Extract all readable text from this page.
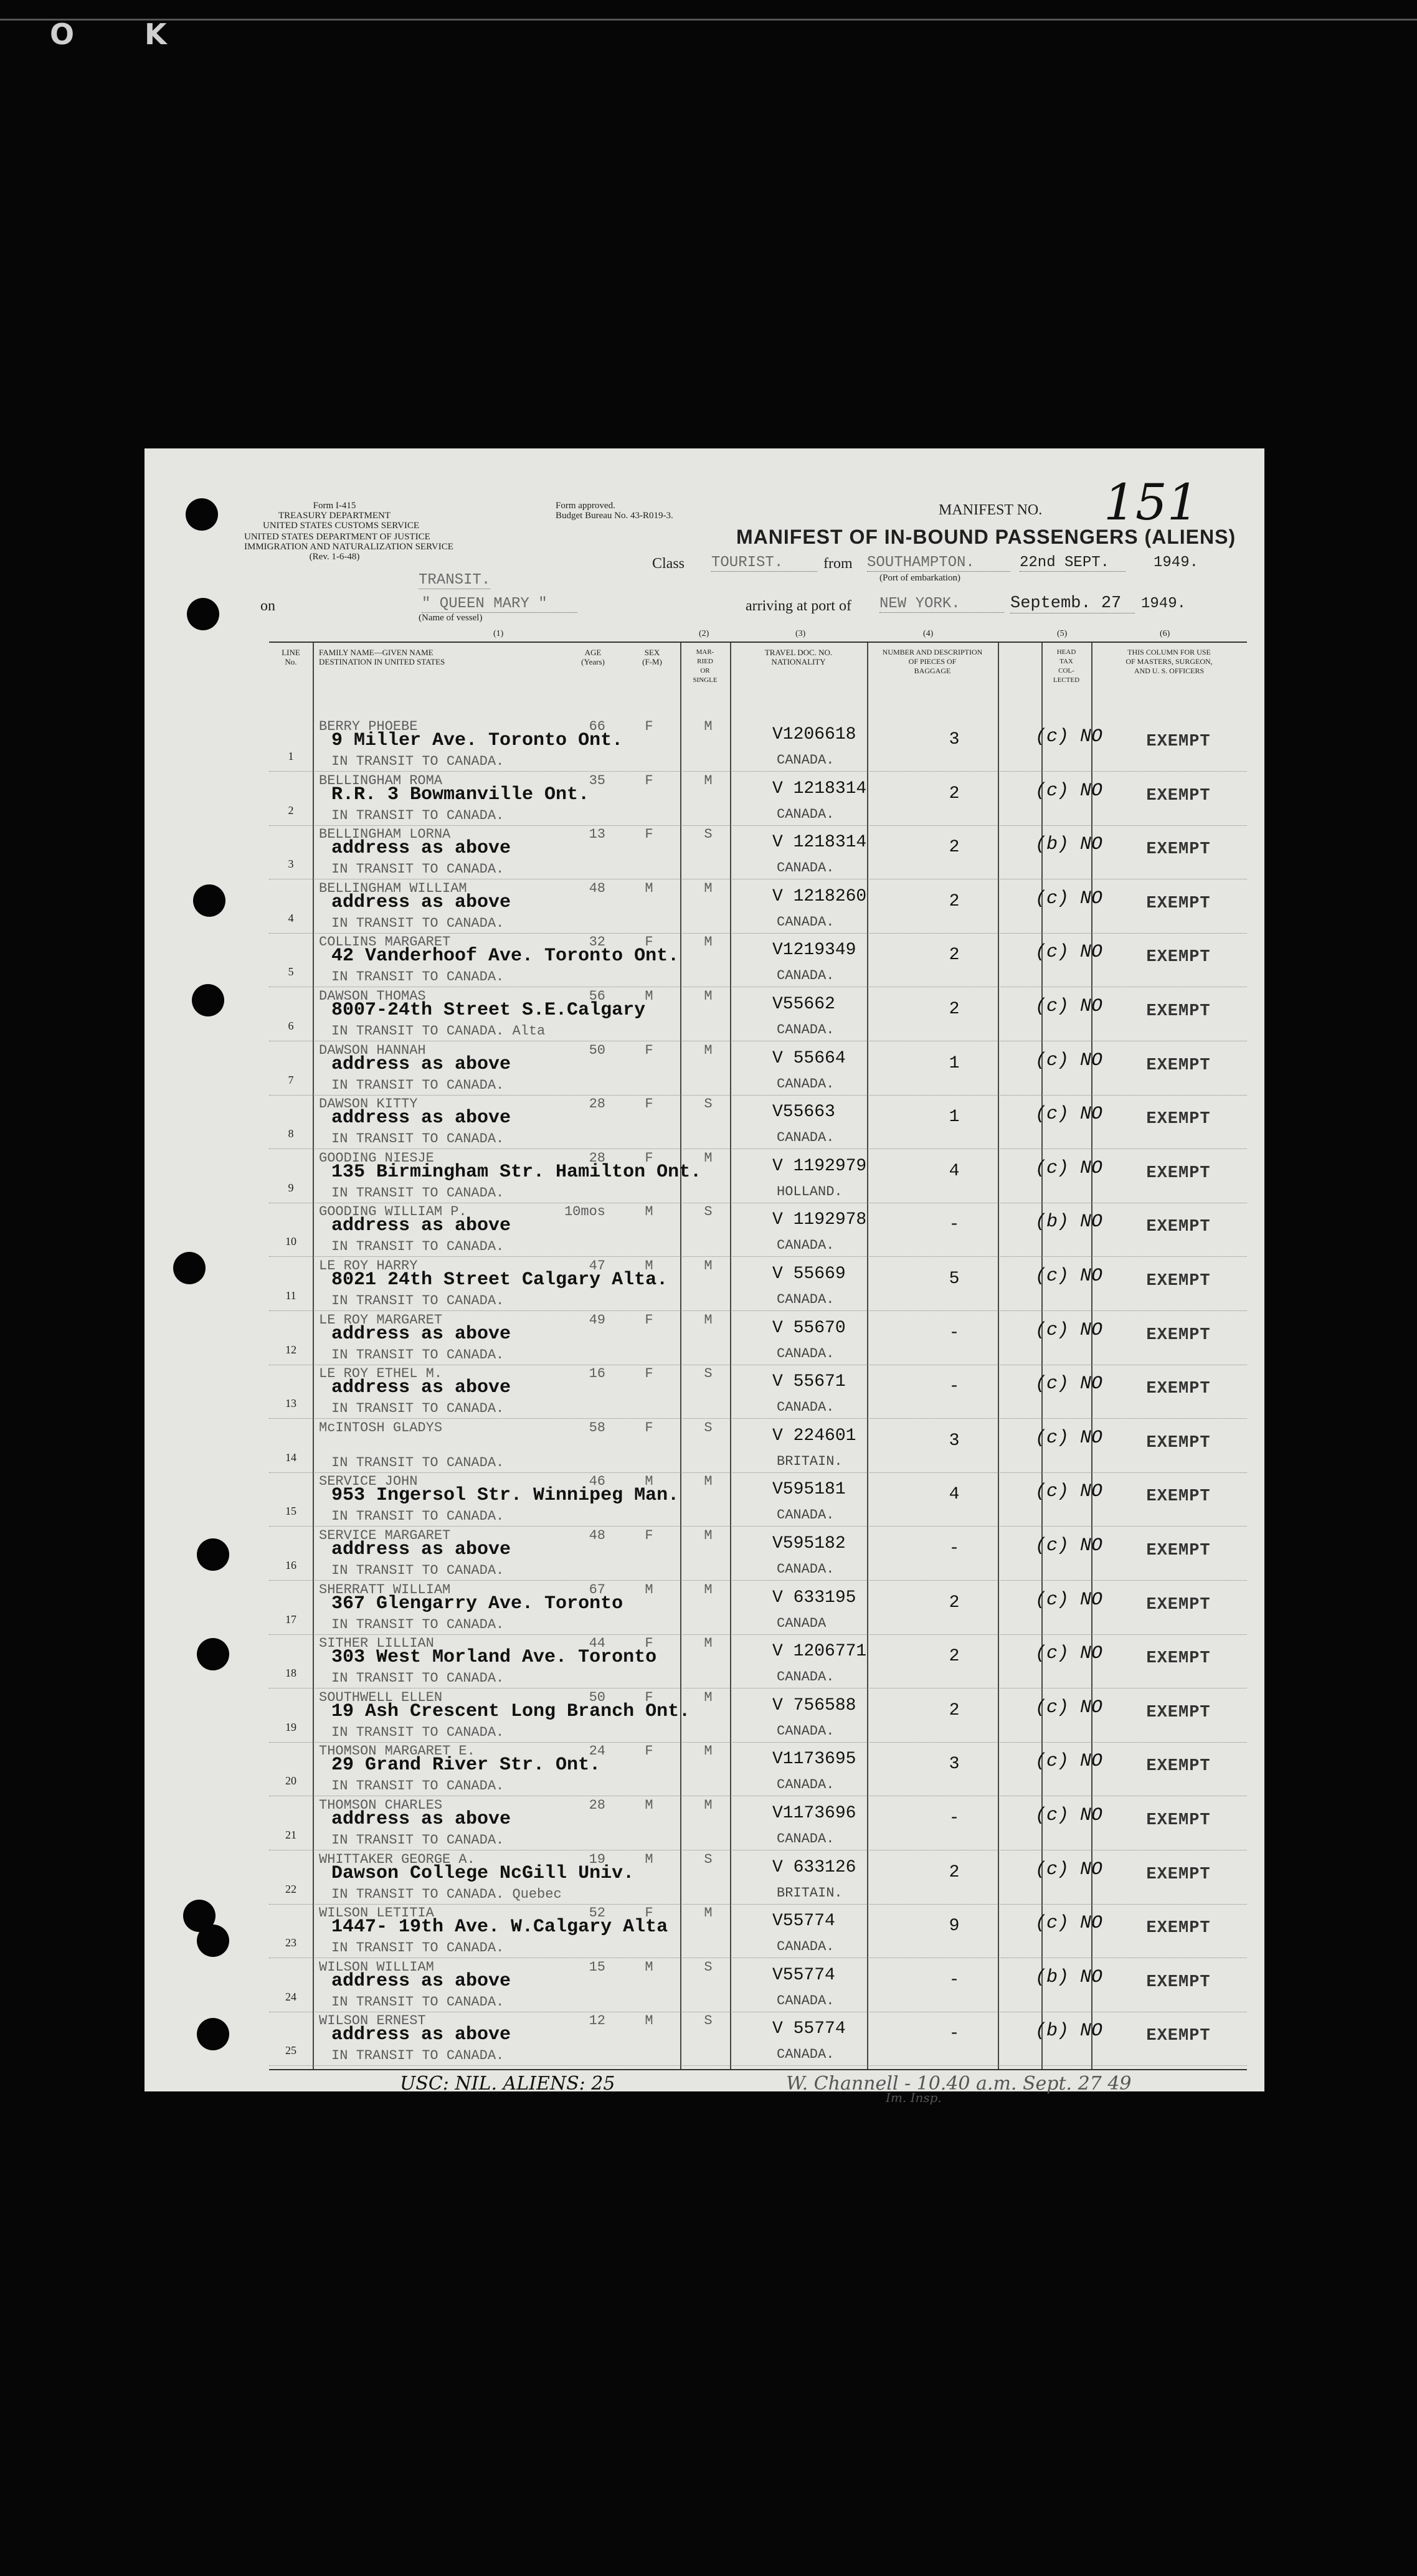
O K
Form I-415
TREASURY DEPARTMENT
UNITED STATES CUSTOMS SERVICE
UNITED STATES DEPARTMENT OF JUSTICE
IMMIGRATION AND NATURALIZATION SERVICE
(Rev. 1-6-48)
Form approved.
Budget Bureau No. 43-R019-3.	MANIFEST NO. 151
MANIFEST OF IN-BOUND PASSENGERS (ALIENS)
Class TOURIST.	from SOUTHAMPTON.
(Port of embarkation)
22nd SEPT.	1949.
TRANSIT.
on	" QUEEN MARY "
(Name of vessel)
arriving at port of NEW YORK.	Septemb. 27	1949.
(1)	(2)	(3)	(4)	(5)	(6)
LINE
No.
FAMILY NAME—GIVEN NAME
DESTINATION IN UNITED STATES
AGE
(Years)
SEX
(F-M)
MAR-
RIED
OR
SINGLE
TRAVEL DOC. NO.
NATIONALITY
NUMBER AND DESCRIPTION
OF PIECES OF
BAGGAGE
HEAD
TAX
COL-
LECTED
THIS COLUMN FOR USE
OF MASTERS, SURGEON,
AND U. S. OFFICERS
1
BERRY PHOEBE	66	F	M
9 Miller Ave. Toronto Ont.
IN TRANSIT TO CANADA.
V1206618
CANADA.
3	(c) NO	EXEMPT
2
BELLINGHAM ROMA	35	F	M
R.R. 3 Bowmanville Ont.
IN TRANSIT TO CANADA.
V 1218314
CANADA.
2	(c) NO	EXEMPT
3
BELLINGHAM LORNA	13	F	S
address as above
IN TRANSIT TO CANADA.
V 1218314
CANADA.
2	(b) NO	EXEMPT
4
BELLINGHAM WILLIAM	48	M	M
address as above
IN TRANSIT TO CANADA.
V 1218260
CANADA.
2	(c) NO	EXEMPT
5
COLLINS MARGARET	32	F	M
42 Vanderhoof Ave. Toronto Ont.
IN TRANSIT TO CANADA.
V1219349
CANADA.
2	(c) NO	EXEMPT
6
DAWSON THOMAS	56	M	M
8007-24th Street S.E.Calgary
IN TRANSIT TO CANADA. Alta
V55662
CANADA.
2	(c) NO	EXEMPT
7
DAWSON HANNAH	50	F	M
address as above
IN TRANSIT TO CANADA.
V 55664
CANADA.
1	(c) NO	EXEMPT
8
DAWSON KITTY	28	F	S
address as above
IN TRANSIT TO CANADA.
V55663
CANADA.
1	(c) NO	EXEMPT
9
GOODING NIESJE	28	F	M
135 Birmingham Str. Hamilton Ont.
IN TRANSIT TO CANADA.
V 1192979
HOLLAND.
4	(c) NO	EXEMPT
10
GOODING WILLIAM P.	10mos	M	S
address as above
IN TRANSIT TO CANADA.
V 1192978
CANADA.
-	(b) NO	EXEMPT
11
LE ROY HARRY	47	M	M
8021 24th Street Calgary Alta.
IN TRANSIT TO CANADA.
V 55669
CANADA.
5	(c) NO	EXEMPT
12
LE ROY MARGARET	49	F	M
address as above
IN TRANSIT TO CANADA.
V 55670
CANADA.
-	(c) NO	EXEMPT
13
LE ROY ETHEL M.	16	F	S
address as above
IN TRANSIT TO CANADA.
V 55671
CANADA.
-	(c) NO	EXEMPT
14
McINTOSH GLADYS	58	F	S
IN TRANSIT TO CANADA.
V 224601
BRITAIN.
3	(c) NO	EXEMPT
15
SERVICE JOHN	46	M	M
953 Ingersol Str. Winnipeg Man.
IN TRANSIT TO CANADA.
V595181
CANADA.
4	(c) NO	EXEMPT
16
SERVICE MARGARET	48	F	M
address as above
IN TRANSIT TO CANADA.
V595182
CANADA.
-	(c) NO	EXEMPT
17
SHERRATT WILLIAM	67	M	M
367 Glengarry Ave. Toronto
IN TRANSIT TO CANADA.
V 633195
CANADA
2	(c) NO	EXEMPT
18
SITHER LILLIAN	44	F	M
303 West Morland Ave. Toronto
IN TRANSIT TO CANADA.
V 1206771
CANADA.
2	(c) NO	EXEMPT
19
SOUTHWELL ELLEN	50	F	M
19 Ash Crescent Long Branch Ont.
IN TRANSIT TO CANADA.
V 756588
CANADA.
2	(c) NO	EXEMPT
20
THOMSON MARGARET E.	24	F	M
29 Grand River Str. Ont.
IN TRANSIT TO CANADA.
V1173695
CANADA.
3	(c) NO	EXEMPT
21
THOMSON CHARLES	28	M	M
address as above
IN TRANSIT TO CANADA.
V1173696
CANADA.
-	(c) NO	EXEMPT
22
WHITTAKER GEORGE A.	19	M	S
Dawson College NcGill Univ.
IN TRANSIT TO CANADA. Quebec
V 633126
BRITAIN.
2	(c) NO	EXEMPT
23
WILSON LETITIA	52	F	M
1447- 19th Ave. W.Calgary Alta
IN TRANSIT TO CANADA.
V55774
CANADA.
9	(c) NO	EXEMPT
24
WILSON WILLIAM	15	M	S
address as above
IN TRANSIT TO CANADA.
V55774
CANADA.
-	(b) NO	EXEMPT
25
WILSON ERNEST	12	M	S
address as above
IN TRANSIT TO CANADA.
V 55774
CANADA.
-	(b) NO	EXEMPT
USC: NIL. ALIENS: 25	W. Channell - 10.40 a.m. Sept. 27 49
Im. Insp.
